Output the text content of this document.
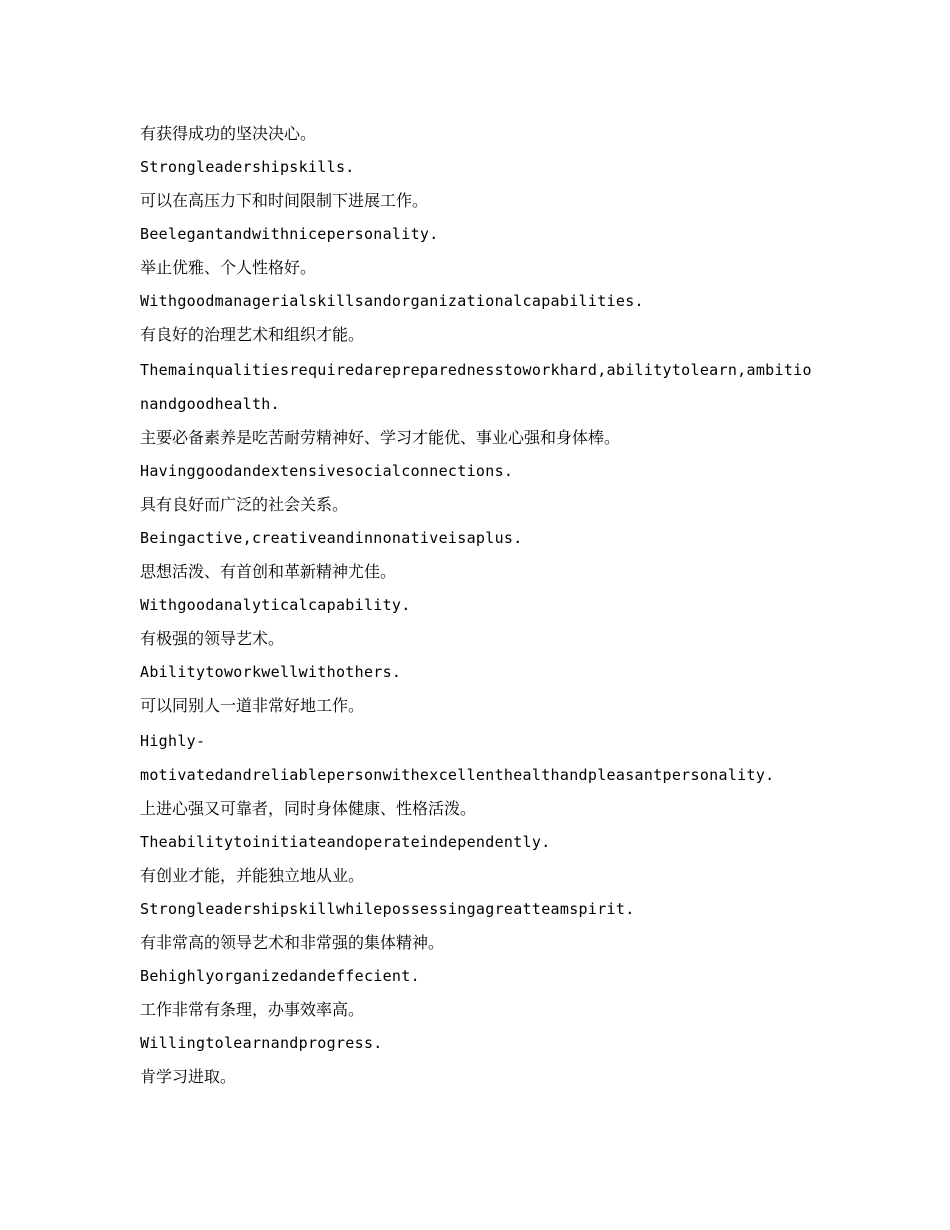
有获得成功的坚决决心。

Strongleadershipskills.

可以在高压力下和时间限制下进展工作。

Beelegantandwithnicepersonality.

举止优雅、个人性格好。

Withgoodmanagerialskillsandorganizationalcapabilities.

有良好的治理艺术和组织才能。

Themainqualitiesrequiredarepreparednesstoworkhard,abilitytolearn,ambitio

nandgoodhealth.

主要必备素养是吃苦耐劳精神好、学习才能优、事业心强和身体棒。

Havinggoodandextensivesocialconnections.

具有良好而广泛的社会关系。

Beingactive,creativeandinnonativeisaplus.

思想活泼、有首创和革新精神尤佳。

Withgoodanalyticalcapability.

有极强的领导艺术。

Abilitytoworkwellwithothers.

可以同别人一道非常好地工作。

Highly-

motivatedandreliablepersonwithexcellenthealthandpleasantpersonality.

上进心强又可靠者，同时身体健康、性格活泼。

Theabilitytoinitiateandoperateindependently.

有创业才能，并能独立地从业。

Strongleadershipskillwhilepossessingagreatteamspirit.

有非常高的领导艺术和非常强的集体精神。

Behighlyorganizedandeffecient.

工作非常有条理，办事效率高。

Willingtolearnandprogress.

肯学习进取。
